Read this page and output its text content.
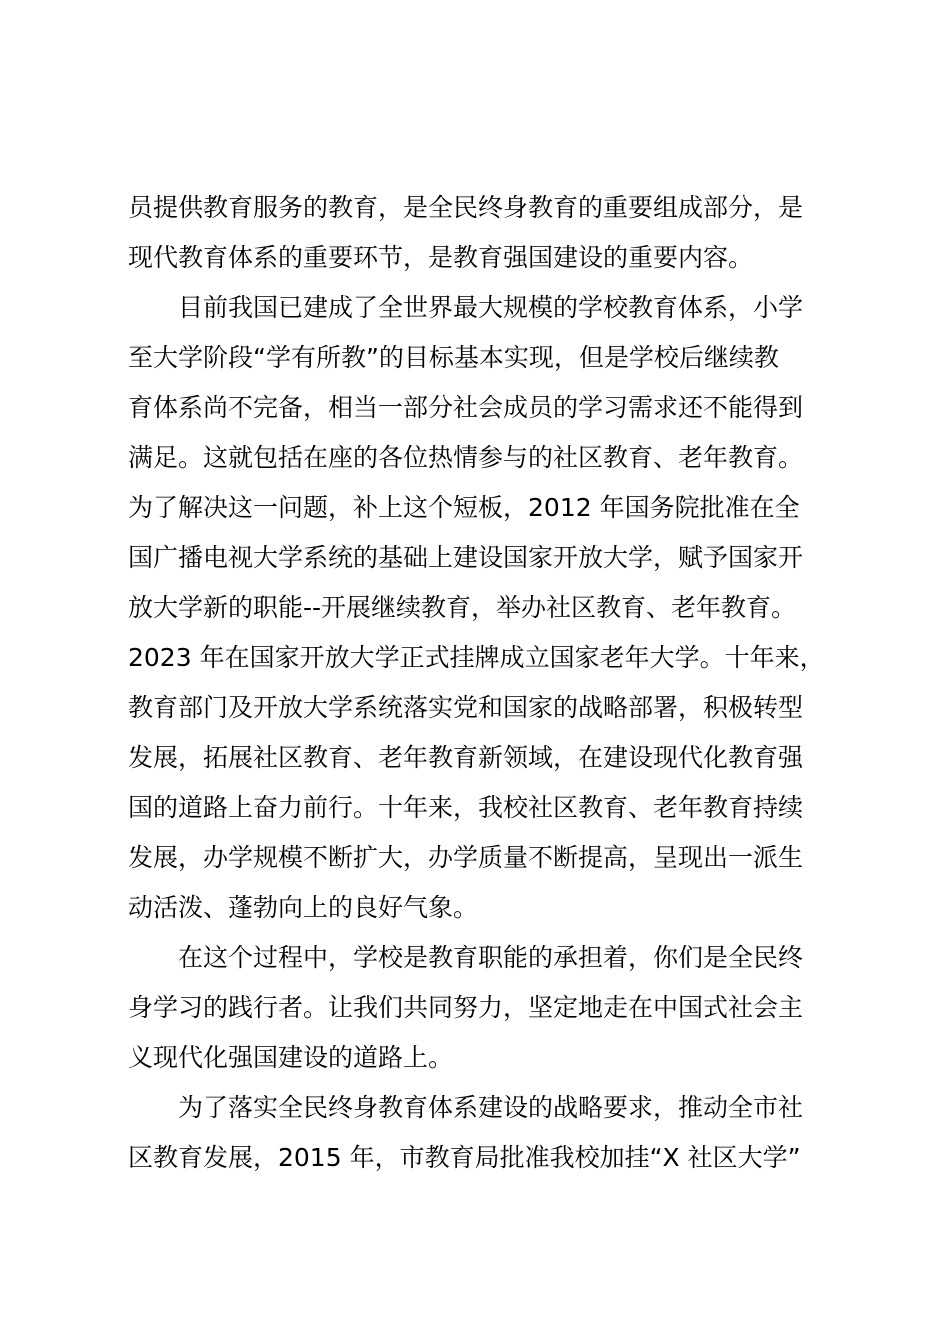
员提供教育服务的教育，是全民终身教育的重要组成部分，是
现代教育体系的重要环节，是教育强国建设的重要内容。
目前我国已建成了全世界最大规模的学校教育体系，小学
至大学阶段“学有所教”的目标基本实现，但是学校后继续教
育体系尚不完备，相当一部分社会成员的学习需求还不能得到
满足。这就包括在座的各位热情参与的社区教育、老年教育。
为了解决这一问题，补上这个短板，2012 年国务院批准在全
国广播电视大学系统的基础上建设国家开放大学，赋予国家开
放大学新的职能--开展继续教育，举办社区教育、老年教育。
2023 年在国家开放大学正式挂牌成立国家老年大学。十年来，
教育部门及开放大学系统落实党和国家的战略部署，积极转型
发展，拓展社区教育、老年教育新领域，在建设现代化教育强
国的道路上奋力前行。十年来，我校社区教育、老年教育持续
发展，办学规模不断扩大，办学质量不断提高，呈现出一派生
动活泼、蓬勃向上的良好气象。
在这个过程中，学校是教育职能的承担着，你们是全民终
身学习的践行者。让我们共同努力，坚定地走在中国式社会主
义现代化强国建设的道路上。
为了落实全民终身教育体系建设的战略要求，推动全市社
区教育发展，2015 年，市教育局批准我校加挂“X 社区大学”
